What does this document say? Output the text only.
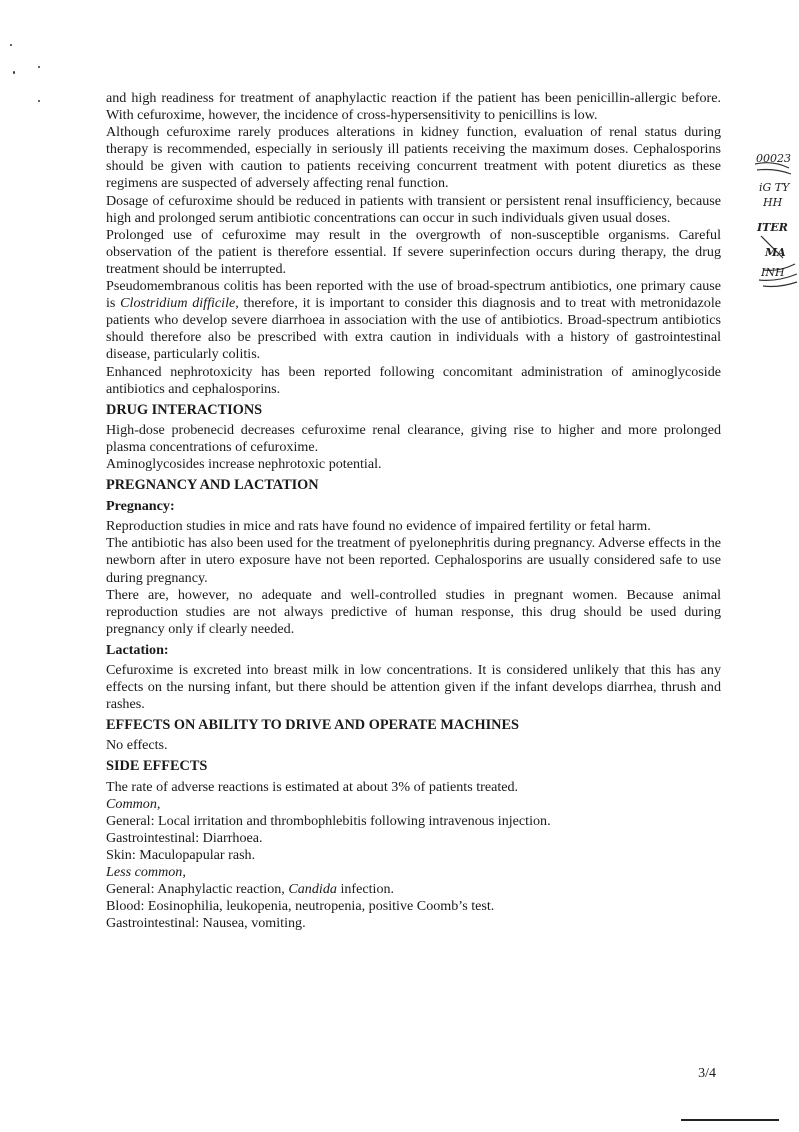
and high readiness for treatment of anaphylactic reaction if the patient has been penicillin-allergic before. With cefuroxime, however, the incidence of cross-hypersensitivity to penicillins is low.

Although cefuroxime rarely produces alterations in kidney function, evaluation of renal status during therapy is recommended, especially in seriously ill patients receiving the maximum doses. Cephalosporins should be given with caution to patients receiving concurrent treatment with potent diuretics as these regimens are suspected of adversely affecting renal function.

Dosage of cefuroxime should be reduced in patients with transient or persistent renal insufficiency, because high and prolonged serum antibiotic concentrations can occur in such individuals given usual doses.

Prolonged use of cefuroxime may result in the overgrowth of non-susceptible organisms. Careful observation of the patient is therefore essential. If severe superinfection occurs during therapy, the drug treatment should be interrupted.

Pseudomembranous colitis has been reported with the use of broad-spectrum antibiotics, one primary cause is Clostridium difficile, therefore, it is important to consider this diagnosis and to treat with metronidazole patients who develop severe diarrhoea in association with the use of antibiotics. Broad-spectrum antibiotics should therefore also be prescribed with extra caution in individuals with a history of gastrointestinal disease, particularly colitis.

Enhanced nephrotoxicity has been reported following concomitant administration of aminoglycoside antibiotics and cephalosporins.

DRUG INTERACTIONS

High-dose probenecid decreases cefuroxime renal clearance, giving rise to higher and more prolonged plasma concentrations of cefuroxime.

Aminoglycosides increase nephrotoxic potential.

PREGNANCY AND LACTATION
Pregnancy:

Reproduction studies in mice and rats have found no evidence of impaired fertility or fetal harm.

The antibiotic has also been used for the treatment of pyelonephritis during pregnancy. Adverse effects in the newborn after in utero exposure have not been reported. Cephalosporins are usually considered safe to use during pregnancy.

There are, however, no adequate and well-controlled studies in pregnant women. Because animal reproduction studies are not always predictive of human response, this drug should be used during pregnancy only if clearly needed.

Lactation:

Cefuroxime is excreted into breast milk in low concentrations. It is considered unlikely that this has any effects on the nursing infant, but there should be attention given if the infant develops diarrhea, thrush and rashes.

EFFECTS ON ABILITY TO DRIVE AND OPERATE MACHINES

No effects.

SIDE EFFECTS

The rate of adverse reactions is estimated at about 3% of patients treated.

Common,

General: Local irritation and thrombophlebitis following intravenous injection.

Gastrointestinal: Diarrhoea.

Skin: Maculopapular rash.

Less common,

General: Anaphylactic reaction, Candida infection.

Blood: Eosinophilia, leukopenia, neutropenia, positive Coomb’s test.

Gastrointestinal: Nausea, vomiting.

00023
iG TY
HH
ITER
MA
INH
3/4
